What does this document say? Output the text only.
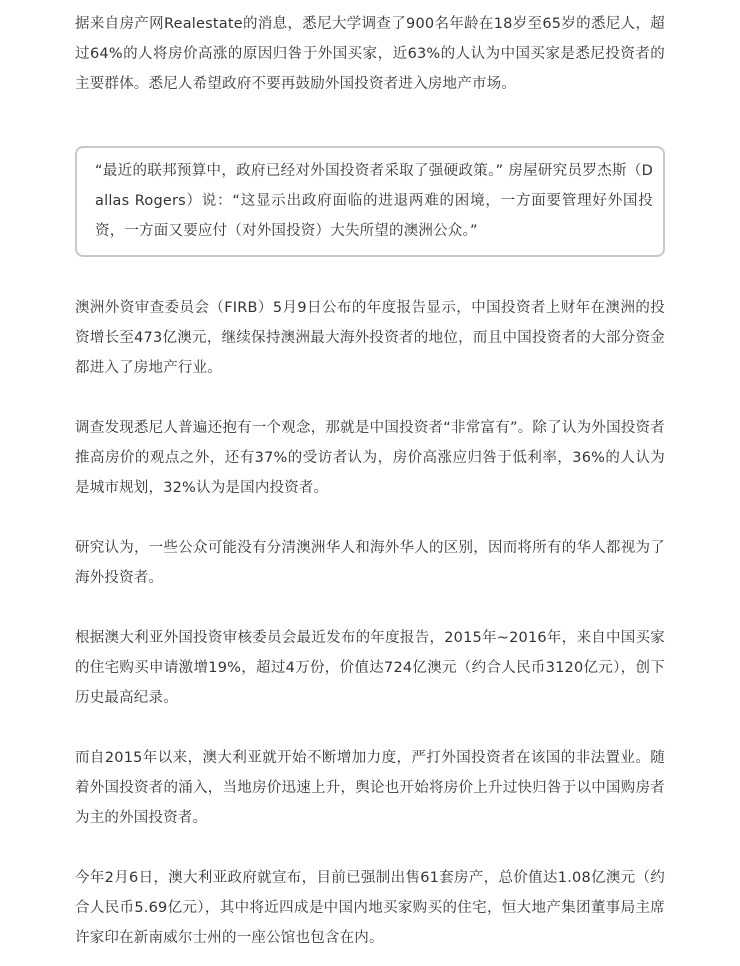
据来自房产网Realestate的消息，悉尼大学调查了900名年龄在18岁至65岁的悉尼人，超过64%的人将房价高涨的原因归咎于外国买家，近63%的人认为中国买家是悉尼投资者的主要群体。悉尼人希望政府不要再鼓励外国投资者进入房地产市场。

“最近的联邦预算中，政府已经对外国投资者采取了强硬政策。” 房屋研究员罗杰斯（Dallas Rogers）说：“这显示出政府面临的进退两难的困境，一方面要管理好外国投资，一方面又要应付（对外国投资）大失所望的澳洲公众。”

澳洲外资审查委员会（FIRB）5月9日公布的年度报告显示，中国投资者上财年在澳洲的投资增长至473亿澳元，继续保持澳洲最大海外投资者的地位，而且中国投资者的大部分资金都进入了房地产行业。

调查发现悉尼人普遍还抱有一个观念，那就是中国投资者“非常富有”。除了认为外国投资者推高房价的观点之外，还有37%的受访者认为，房价高涨应归咎于低利率，36%的人认为是城市规划，32%认为是国内投资者。

研究认为，一些公众可能没有分清澳洲华人和海外华人的区别，因而将所有的华人都视为了海外投资者。

根据澳大利亚外国投资审核委员会最近发布的年度报告，2015年~2016年，来自中国买家的住宅购买申请激增19%，超过4万份，价值达724亿澳元（约合人民币3120亿元），创下历史最高纪录。

而自2015年以来，澳大利亚就开始不断增加力度，严打外国投资者在该国的非法置业。随着外国投资者的涌入，当地房价迅速上升，舆论也开始将房价上升过快归咎于以中国购房者为主的外国投资者。

今年2月6日，澳大利亚政府就宣布，目前已强制出售61套房产，总价值达1.08亿澳元（约合人民币5.69亿元），其中将近四成是中国内地买家购买的住宅，恒大地产集团董事局主席许家印在新南威尔士州的一座公馆也包含在内。
